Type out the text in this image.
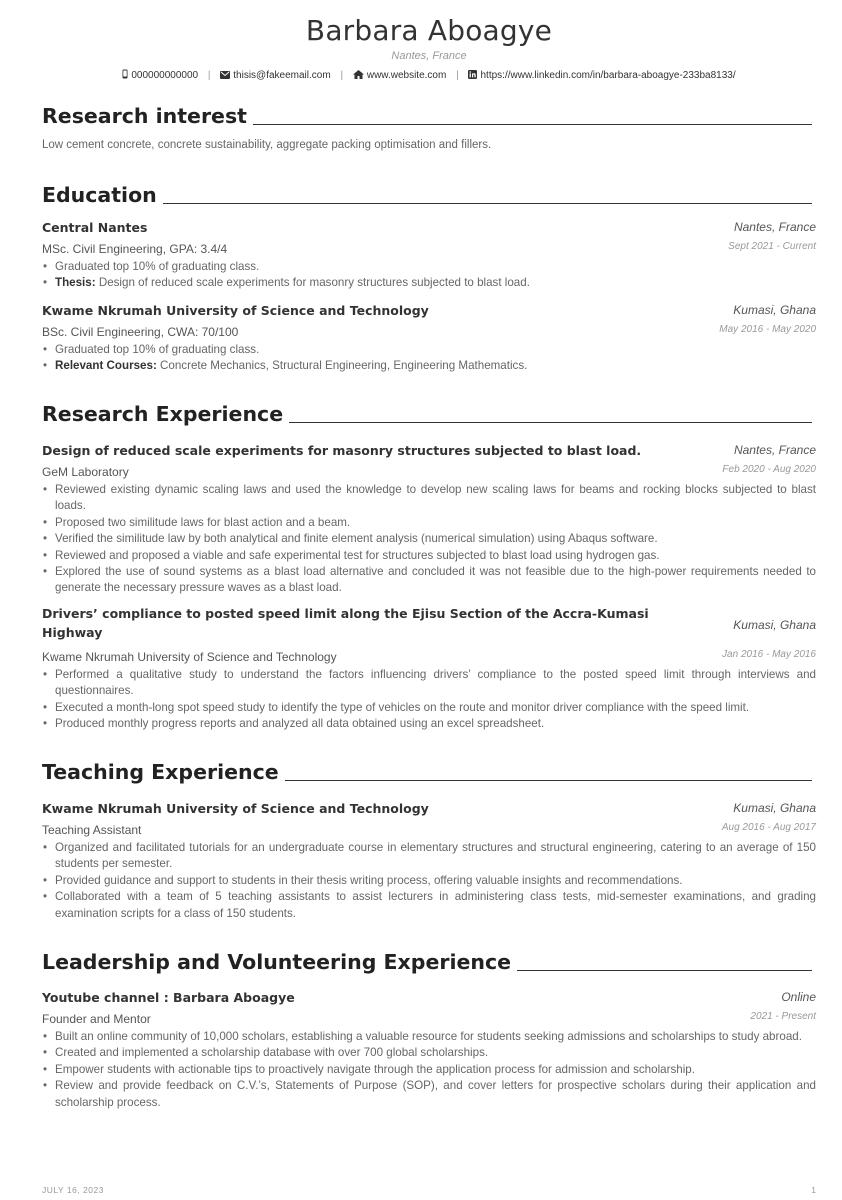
Barbara Aboagye
Nantes, France
000000000000 | thisis@fakeemail.com | www.website.com | https://www.linkedin.com/in/barbara-aboagye-233ba8133/
Research interest
Low cement concrete, concrete sustainability, aggregate packing optimisation and fillers.
Education
Central Nantes	Nantes, France
MSc. Civil Engineering, GPA: 3.4/4	Sept 2021 - Current
• Graduated top 10% of graduating class.
• Thesis: Design of reduced scale experiments for masonry structures subjected to blast load.
Kwame Nkrumah University of Science and Technology	Kumasi, Ghana
BSc. Civil Engineering, CWA: 70/100	May 2016 - May 2020
• Graduated top 10% of graduating class.
• Relevant Courses: Concrete Mechanics, Structural Engineering, Engineering Mathematics.
Research Experience
Design of reduced scale experiments for masonry structures subjected to blast load.	Nantes, France
GeM Laboratory	Feb 2020 - Aug 2020
• Reviewed existing dynamic scaling laws and used the knowledge to develop new scaling laws for beams and rocking blocks subjected to blast loads.
• Proposed two similitude laws for blast action and a beam.
• Verified the similitude law by both analytical and finite element analysis (numerical simulation) using Abaqus software.
• Reviewed and proposed a viable and safe experimental test for structures subjected to blast load using hydrogen gas.
• Explored the use of sound systems as a blast load alternative and concluded it was not feasible due to the high-power requirements needed to generate the necessary pressure waves as a blast load.
Drivers’ compliance to posted speed limit along the Ejisu Section of the Accra-Kumasi
Highway	Kumasi, Ghana
Kwame Nkrumah University of Science and Technology	Jan 2016 - May 2016
• Performed a qualitative study to understand the factors influencing drivers’ compliance to the posted speed limit through interviews and questionnaires.
• Executed a month-long spot speed study to identify the type of vehicles on the route and monitor driver compliance with the speed limit.
• Produced monthly progress reports and analyzed all data obtained using an excel spreadsheet.
Teaching Experience
Kwame Nkrumah University of Science and Technology	Kumasi, Ghana
Teaching Assistant	Aug 2016 - Aug 2017
• Organized and facilitated tutorials for an undergraduate course in elementary structures and structural engineering, catering to an average of 150 students per semester.
• Provided guidance and support to students in their thesis writing process, offering valuable insights and recommendations.
• Collaborated with a team of 5 teaching assistants to assist lecturers in administering class tests, mid-semester examinations, and grading examination scripts for a class of 150 students.
Leadership and Volunteering Experience
Youtube channel : Barbara Aboagye	Online
Founder and Mentor	2021 - Present
• Built an online community of 10,000 scholars, establishing a valuable resource for students seeking admissions and scholarships to study abroad.
• Created and implemented a scholarship database with over 700 global scholarships.
• Empower students with actionable tips to proactively navigate through the application process for admission and scholarship.
• Review and provide feedback on C.V.’s, Statements of Purpose (SOP), and cover letters for prospective scholars during their application and scholarship process.
JULY 16, 2023	1
